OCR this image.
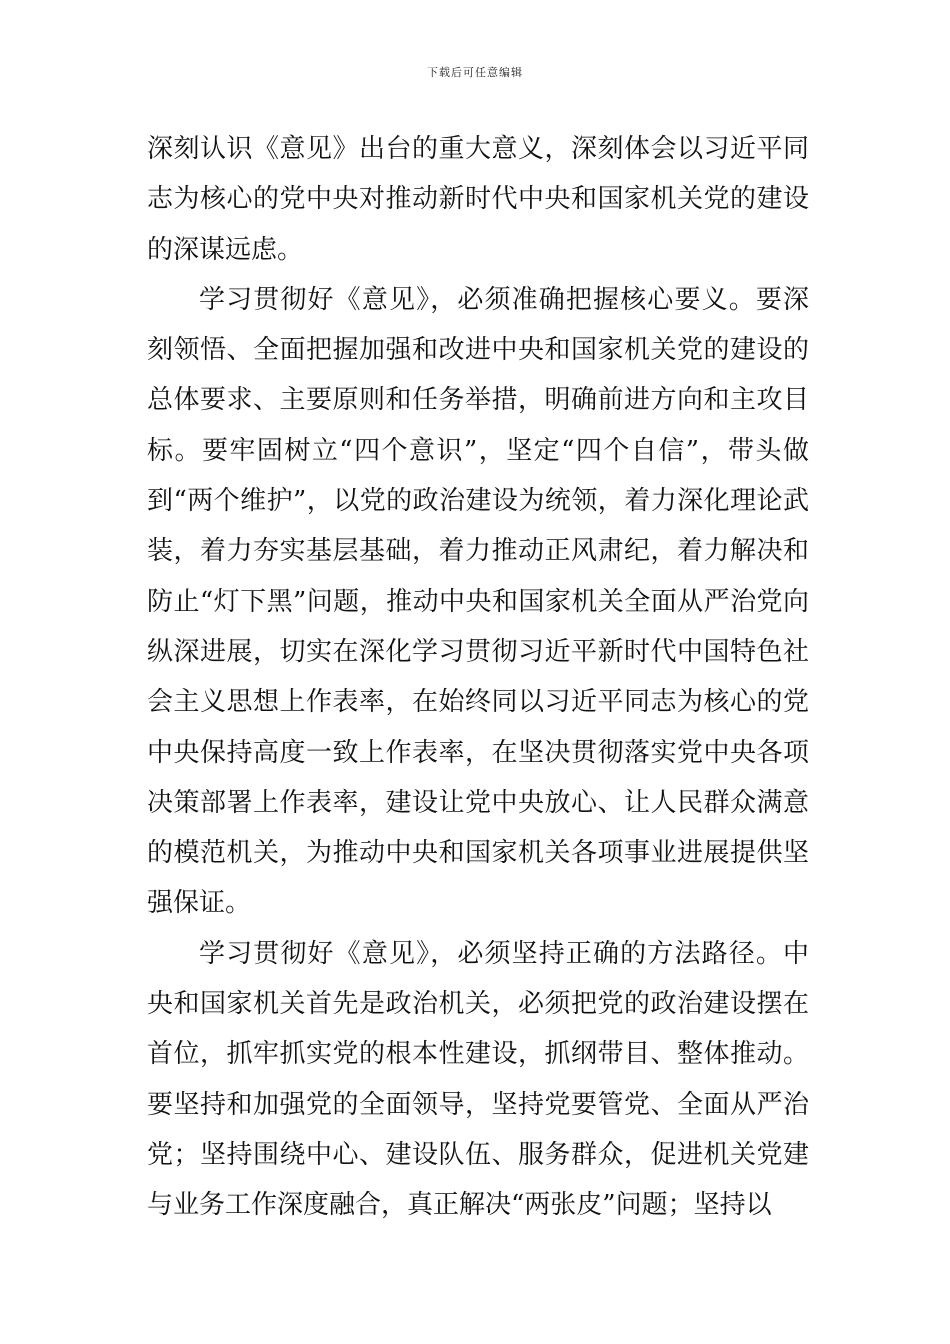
下载后可任意编辑

深刻认识《意见》出台的重大意义，深刻体会以习近平同志为核心的党中央对推动新时代中央和国家机关党的建设的深谋远虑。

学习贯彻好《意见》，必须准确把握核心要义。要深刻领悟、全面把握加强和改进中央和国家机关党的建设的总体要求、主要原则和任务举措，明确前进方向和主攻目标。要牢固树立“四个意识”，坚定“四个自信”，带头做到“两个维护”，以党的政治建设为统领，着力深化理论武装，着力夯实基层基础，着力推动正风肃纪，着力解决和防止“灯下黑”问题，推动中央和国家机关全面从严治党向纵深进展，切实在深化学习贯彻习近平新时代中国特色社会主义思想上作表率，在始终同以习近平同志为核心的党中央保持高度一致上作表率，在坚决贯彻落实党中央各项决策部署上作表率，建设让党中央放心、让人民群众满意的模范机关，为推动中央和国家机关各项事业进展提供坚强保证。

学习贯彻好《意见》，必须坚持正确的方法路径。中央和国家机关首先是政治机关，必须把党的政治建设摆在首位，抓牢抓实党的根本性建设，抓纲带目、整体推动。要坚持和加强党的全面领导，坚持党要管党、全面从严治党；坚持围绕中心、建设队伍、服务群众，促进机关党建与业务工作深度融合，真正解决“两张皮”问题；坚持以
